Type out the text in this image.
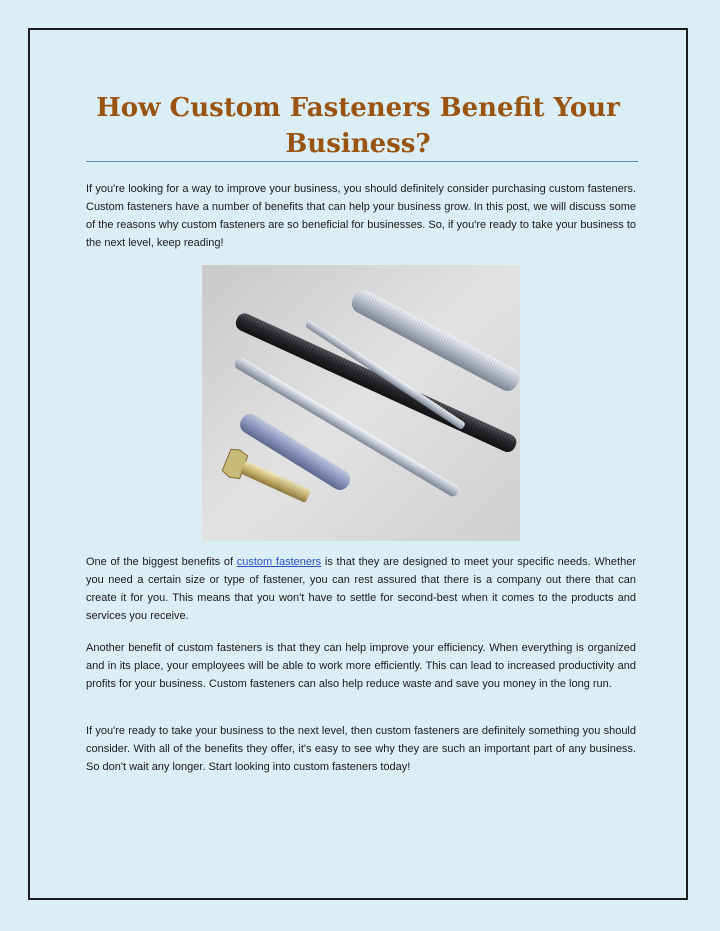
How Custom Fasteners Benefit Your
Business?

If you're looking for a way to improve your business, you should definitely consider purchasing custom fasteners. Custom fasteners have a number of benefits that can help your business grow. In this post, we will discuss some of the reasons why custom fasteners are so beneficial for businesses. So, if you're ready to take your business to the next level, keep reading!

One of the biggest benefits of custom fasteners is that they are designed to meet your specific needs. Whether you need a certain size or type of fastener, you can rest assured that there is a company out there that can create it for you. This means that you won't have to settle for second-best when it comes to the products and services you receive.

Another benefit of custom fasteners is that they can help improve your efficiency. When everything is organized and in its place, your employees will be able to work more efficiently. This can lead to increased productivity and profits for your business. Custom fasteners can also help reduce waste and save you money in the long run.

If you're ready to take your business to the next level, then custom fasteners are definitely something you should consider. With all of the benefits they offer, it's easy to see why they are such an important part of any business. So don't wait any longer. Start looking into custom fasteners today!
